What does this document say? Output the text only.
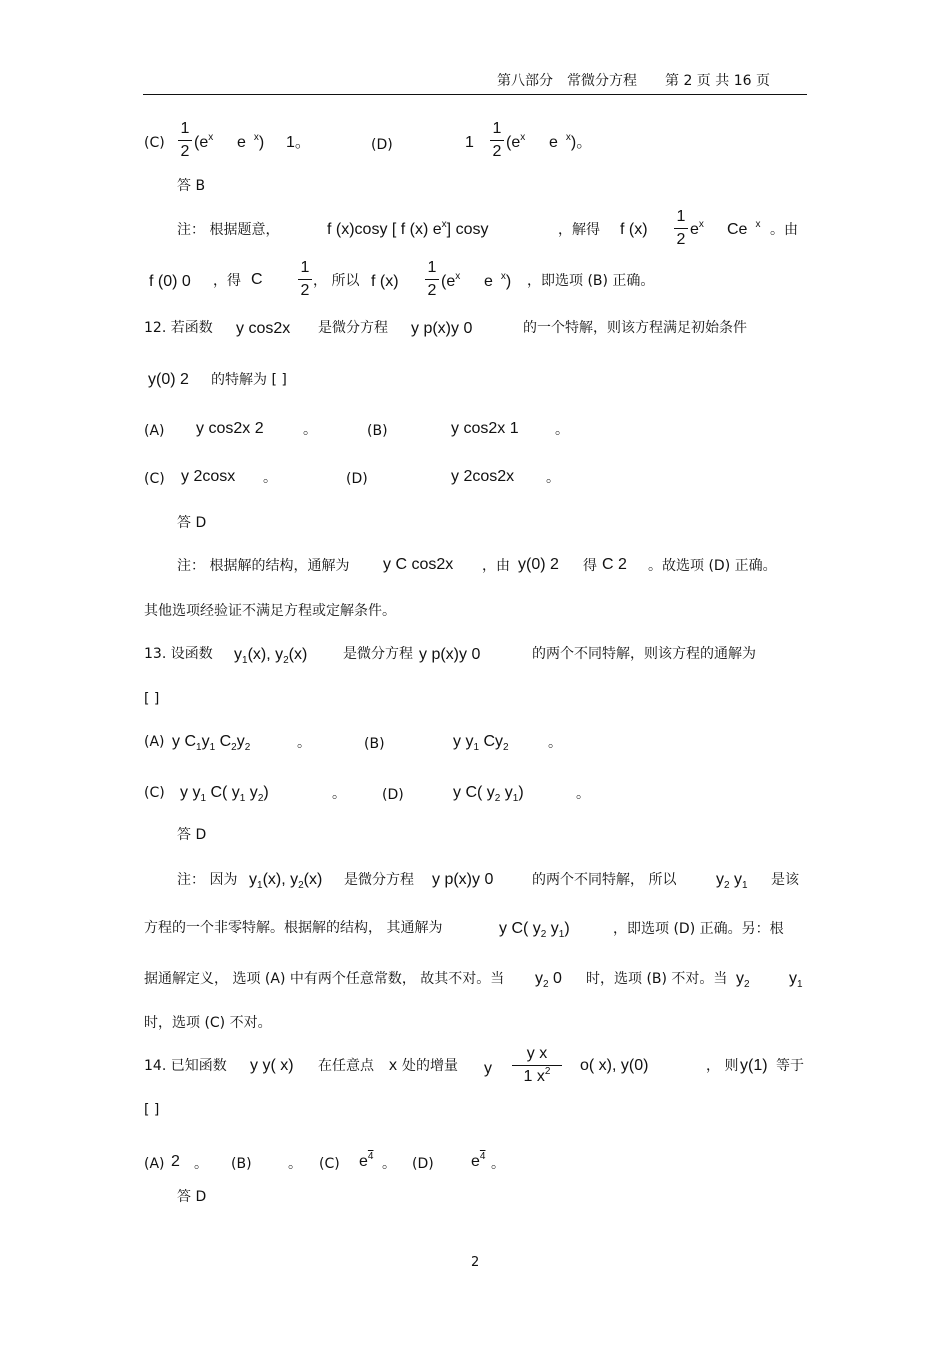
第八部分　常微分方程　　第 2 页 共 16 页
(C)
1
2
($e^x$ e $^x$) 1。	(D)	1
1
2
($e^x$ e $^x$)。
答 B
注： 根据题意，	f (x)cosy [ f (x) $e^x$] cosy	，解得 f (x)
1
2
$e^x$ Ce $^x$ 。由
f (0) 0 ，得 C
1
2
， 所以 f (x)
1
2
($e^x$ e $^x$) ，即选项 (B) 正确。
12. 若函数 y cos2x 是微分方程 y p(x)y 0	的一个特解，则该方程满足初始条件
y(0) 2 的特解为 [ ]
(A) y cos2x 2	。	(B)	y cos2x 1	。
(C) y 2cosx 。	(D)	y 2cos2x 。
答 D
注： 根据解的结构，通解为 y C cos2x ，由 y(0) 2 得 C 2 。故选项 (D) 正确。
其他选项经验证不满足方程或定解条件。
13. 设函数 $y_1(x)$, $y_2(x)$	是微分方程 y p(x)y 0	的两个不同特解，则该方程的通解为
[ ]
(A) y $C_1y_1$ $C_2y_2$	。	(B)	y $y_1$ $Cy_2$	。
(C) y $y_1$ C( $y_1$ $y_2$)	。	(D)	y C( $y_2$ $y_1$)	。
答 D
注： 因为 $y_1(x)$, $y_2(x)$ 是微分方程 y p(x)y 0	的两个不同特解， 所以 $y_2$ $y_1$ 是该
方程的一个非零特解。根据解的结构， 其通解为	y C( $y_2$ $y_1$)	，即选项 (D) 正确。另：根
据通解定义， 选项 (A) 中有两个任意常数， 故其不对。当 $y_2$ 0 时，选项 (B) 不对。当 $y_2$ $y_1$
时，选项 (C) 不对。
14. 已知函数 y y( x) 在任意点 x 处的增量 y
y x
1 $x^2$	o( x), y(0)	， 则 y(1) 等于
[ ]
(A) 2 。 (B)	。 (C) $e^4$ 。 (D) $e^4$ 。
答 D
2
